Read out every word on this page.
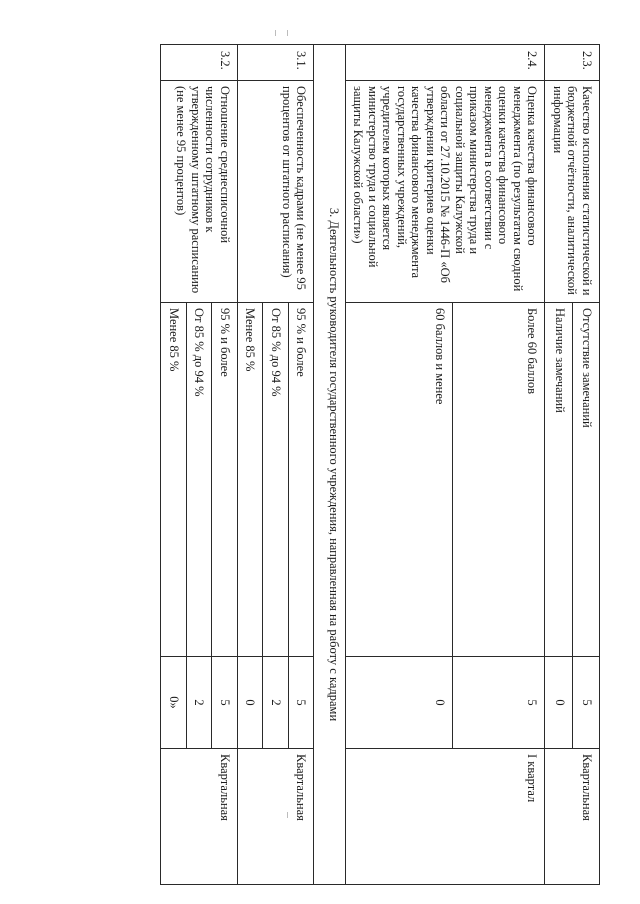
2.3.	Качество исполнения статистической и бюджетной отчётности, аналитической информации	Отсутствие замечаний	5	Квартальная
		Наличие замечаний	0	
2.4.	Оценка качества финансового менеджмента (по результатам сводной оценки качества финансового менеджмента в соответствии с приказом министерства труда и социальной защиты Калужской области от 27.10.2015 № 1446-П «Об утверждении критериев оценки качества финансового менеджмента государственных учреждений, учредителем которых является министерство труда и социальной защиты Калужской области»)	Более 60 баллов	5	I квартал
		60 баллов и менее	0	
3. Деятельность руководителя государственного учреждения, направленная на работу с кадрами				
3.1.	Обеспеченность кадрами (не менее 95 процентов от штатного расписания)	95 % и более	5	Квартальная
		От 85 % до 94 %	2	
		Менее 85 %	0	
3.2.	Отношение среднесписочной численности сотрудников к утвержденному штатному расписанию (не менее 95 процентов)	95 % и более	5	Квартальная
		От 85 % до 94 %	2	
		Менее 85 %	0»	
